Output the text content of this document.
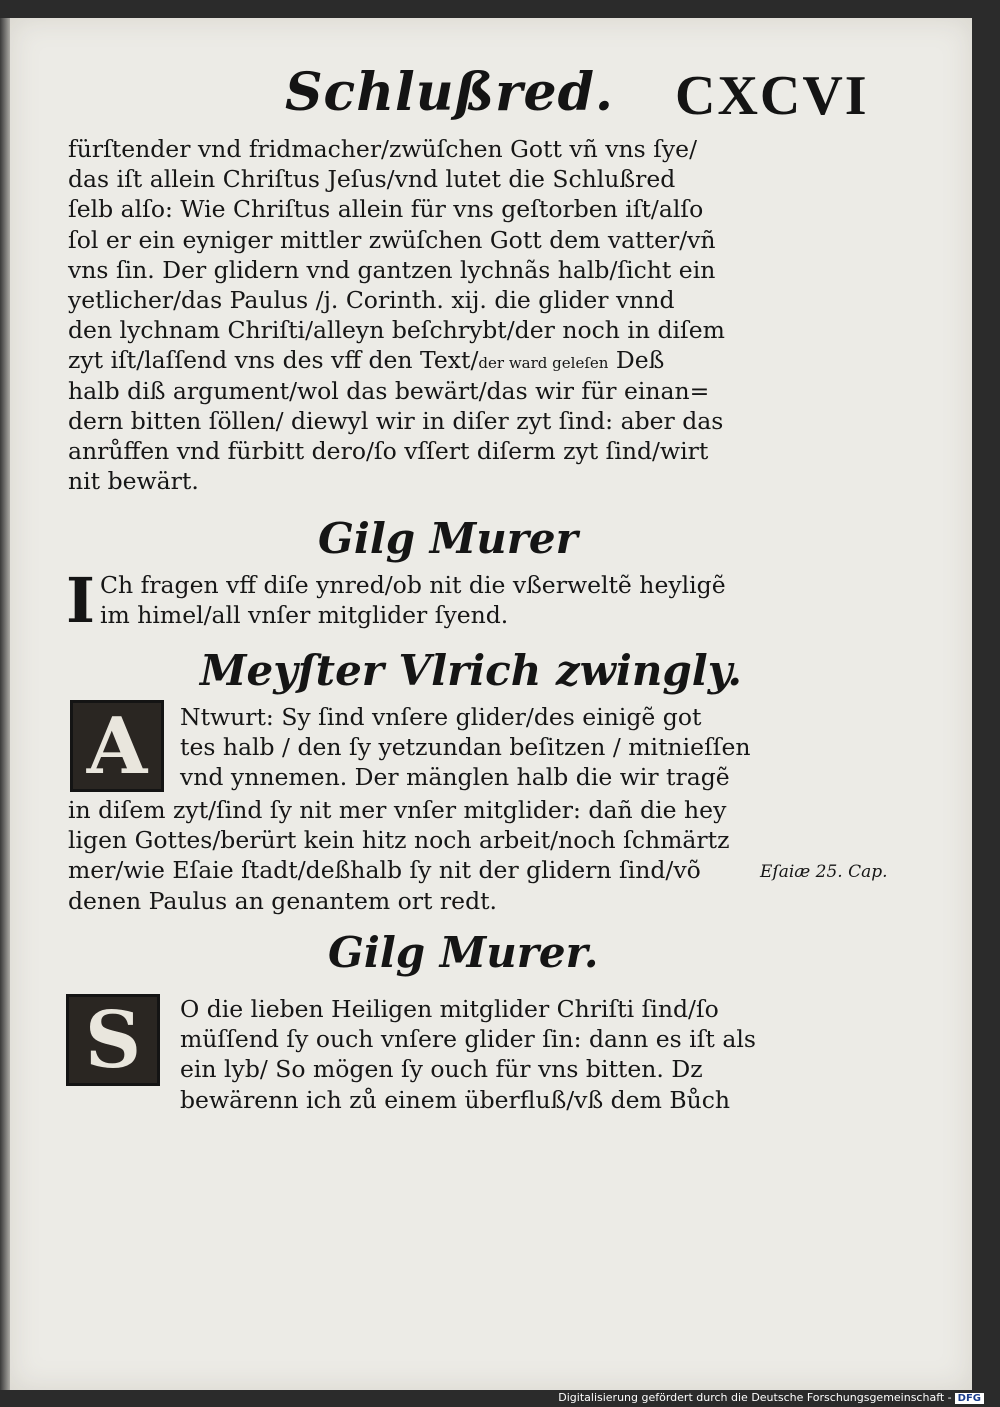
Schlußred. CXCVI
fürſtender vnd fridmacher/zwüſchen Gott vñ vns ſye/
das iſt allein Chriſtus Jeſus/vnd lutet die Schlußred
ſelb alſo: Wie Chriſtus allein für vns geſtorben iſt/alſo
ſol er ein eyniger mittler zwüſchen Gott dem vatter/vñ
vns ſin. Der glidern vnd gantzen lychnãs halb/ſicht ein
yetlicher/das Paulus /j. Corinth. xij. die glider vnnd
den lychnam Chriſti/alleyn beſchrybt/der noch in diſem
zyt iſt/laſſend vns des vff den Text/der ward geleſen Deß
halb diß argument/wol das bewärt/das wir für einan=
dern bitten ſöllen/ diewyl wir in diſer zyt ſind: aber das
anrůffen vnd fürbitt dero/ſo vſſert diſerm zyt ſind/wirt
nit bewärt.
Gilg Murer
I Ch fragen vff diſe ynred/ob nit die vßerweltẽ heyligẽ
im himel/all vnſer mitglider ſyend.
Meyſter Vlrich zwingly.
A	Ntwurt: Sy ſind vnſere glider/des einigẽ got
tes halb / den ſy yetzundan beſitzen / mitnieſſen
vnd ynnemen. Der mänglen halb die wir tragẽ
in diſem zyt/ſind ſy nit mer vnſer mitglider: dañ die hey
ligen Gottes/berürt kein hitz noch arbeit/noch ſchmärtz
mer/wie Eſaie ſtadt/deßhalb ſy nit der glidern ſind/võ
denen Paulus an genantem ort redt.
Eſaiæ 25. Cap.
Gilg Murer.
S	O die lieben Heiligen mitglider Chriſti ſind/ſo
müſſend ſy ouch vnſere glider ſin: dann es iſt als
ein lyb/ So mögen ſy ouch für vns bitten. Dz
bewärenn ich zů einem überfluß/vß dem Bůch
Digitalisierung gefördert durch die Deutsche Forschungsgemeinschaft - DFG
